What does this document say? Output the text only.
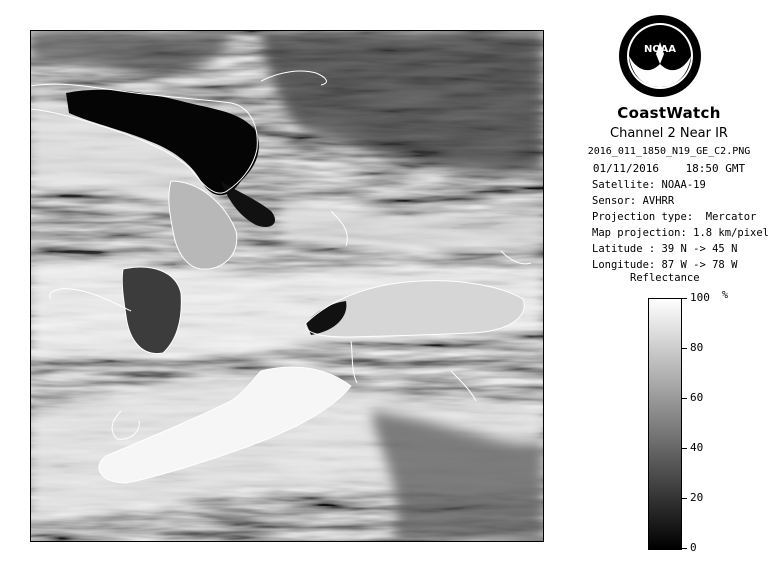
NOAA
CoastWatch
Channel 2 Near IR
2016_011_1850_N19_GE_C2.PNG
01/11/2016 18:50 GMT
Satellite: NOAA-19
Sensor: AVHRR
Projection type:  Mercator
Map projection: 1.8 km/pixel
Latitude : 39 N -> 45 N
Longitude: 87 W -> 78 W
Reflectance
%
100
80
60
40
20
0
